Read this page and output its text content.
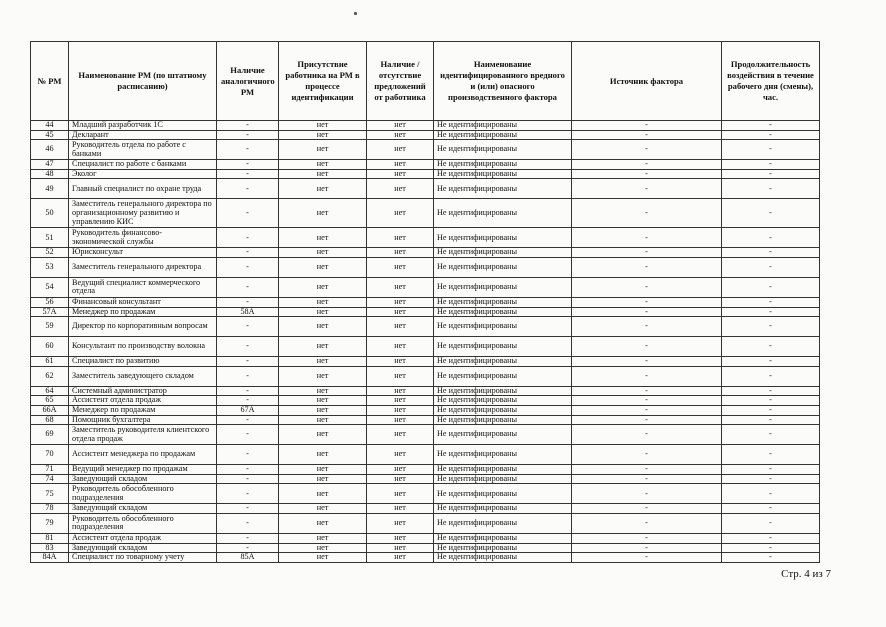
№ РМ	Наименование РМ (по штатному расписанию)	Наличие аналогичного РМ	Присутствие работника на РМ в процессе идентификации	Наличие / отсутствие предложений от работника	Наименование идентифицированного вредного и (или) опасного производственного фактора	Источник фактора	Продолжительность воздействия в течение рабочего дня (смены), час.
44	Младший разработчик 1С	-	нет	нет	Не идентифицированы	-	-
45	Декларант	-	нет	нет	Не идентифицированы	-	-
46	Руководитель отдела по работе с банками	-	нет	нет	Не идентифицированы	-	-
47	Специалист по работе с банками	-	нет	нет	Не идентифицированы	-	-
48	Эколог	-	нет	нет	Не идентифицированы	-	-
49	Главный специалист по охране труда	-	нет	нет	Не идентифицированы	-	-
50	Заместитель генерального директора по организационному развитию и управлению КИС	-	нет	нет	Не идентифицированы	-	-
51	Руководитель финансово-экономической службы	-	нет	нет	Не идентифицированы	-	-
52	Юрисконсульт	-	нет	нет	Не идентифицированы	-	-
53	Заместитель генерального директора	-	нет	нет	Не идентифицированы	-	-
54	Ведущий специалист коммерческого отдела	-	нет	нет	Не идентифицированы	-	-
56	Финансовый консультант	-	нет	нет	Не идентифицированы	-	-
57А	Менеджер по продажам	58А	нет	нет	Не идентифицированы	-	-
59	Директор по корпоративным вопросам	-	нет	нет	Не идентифицированы	-	-
60	Консультант по производству волокна	-	нет	нет	Не идентифицированы	-	-
61	Специалист по развитию	-	нет	нет	Не идентифицированы	-	-
62	Заместитель заведующего складом	-	нет	нет	Не идентифицированы	-	-
64	Системный администратор	-	нет	нет	Не идентифицированы	-	-
65	Ассистент отдела продаж	-	нет	нет	Не идентифицированы	-	-
66А	Менеджер по продажам	67А	нет	нет	Не идентифицированы	-	-
68	Помощник бухгалтера	-	нет	нет	Не идентифицированы	-	-
69	Заместитель руководителя клиентского отдела продаж	-	нет	нет	Не идентифицированы	-	-
70	Ассистент менеджера по продажам	-	нет	нет	Не идентифицированы	-	-
71	Ведущий менеджер по продажам	-	нет	нет	Не идентифицированы	-	-
74	Заведующий складом	-	нет	нет	Не идентифицированы	-	-
75	Руководитель обособленного подразделения	-	нет	нет	Не идентифицированы	-	-
78	Заведующий складом	-	нет	нет	Не идентифицированы	-	-
79	Руководитель обособленного подразделения	-	нет	нет	Не идентифицированы	-	-
81	Ассистент отдела продаж	-	нет	нет	Не идентифицированы	-	-
83	Заведующий складом	-	нет	нет	Не идентифицированы	-	-
84А	Специалист по товарному учету	85А	нет	нет	Не идентифицированы	-	-
Стр. 4 из 7
